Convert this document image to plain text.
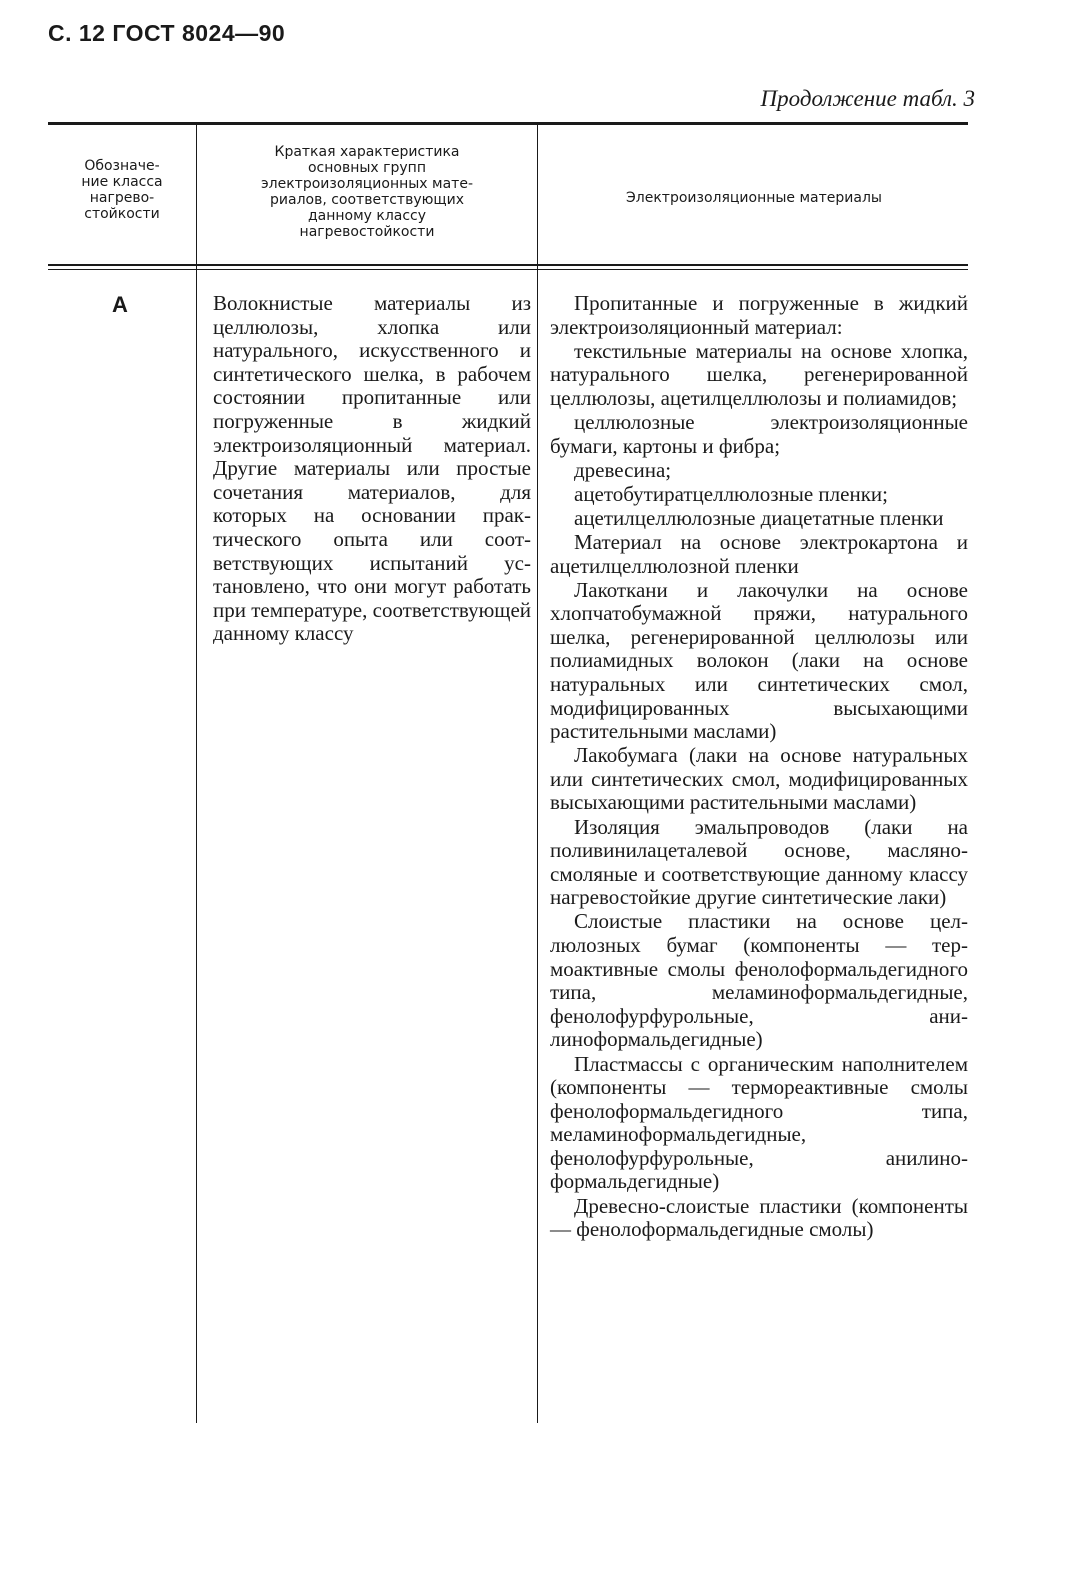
С. 12 ГОСТ 8024—90
Продолжение табл. 3
Обозначе-
ние класса
нагрево-
стойкости
Краткая характеристика
основных групп
электроизоляционных мате-
риалов, соответствующих
данному классу
нагревостойкости
Электроизоляционные материалы
А	Волокнистые материалы из целлюлозы, хлопка или натурального, искусственного и синтетического шелка, в рабочем состоянии пропитанные или погруженные в жидкий электроизоляционный материал. Другие материалы или простые сочетания материалов, для которых на основании практического опыта или соответствующих испытаний установлено, что они могут работать при температуре, соответствующей данному классу

Пропитанные и погруженные в жидкий электроизоляционный материал:

текстильные материалы на основе хлопка, натурального шелка, регенерированной целлюлозы, ацетилцеллюлозы и полиамидов;

целлюлозные электроизоляционные бумаги, картоны и фибра;

древесина;

ацетобутиратцеллюлозные пленки;

ацетилцеллюлозные диацетатные пленки

Материал на основе электрокартона и ацетилцеллюлозной пленки

Лакоткани и лакочулки на основе хлопчатобумажной пряжи, натурального шелка, регенерированной целлюлозы или полиамидных волокон (лаки на основе натуральных или синтетических смол, модифицированных высыхающими растительными маслами)

Лакобумага (лаки на основе натуральных или синтетических смол, модифицированных высыхающими растительными маслами)

Изоляция эмальпроводов (лаки на поливинилацеталевой основе, масляно-смоляные и соответствующие данному классу нагревостойкие другие синтетические лаки)

Слоистые пластики на основе целлюлозных бумаг (компоненты — термоактивные смолы фенолоформальдегидного типа, меламиноформальдегидные, фенолофурфурольные, анилиноформальдегидные)

Пластмассы с органическим наполнителем (компоненты — термореактивные смолы фенолоформальдегидного типа, меламиноформальдегидные, фенолофурфурольные, анилиноформальдегидные)

Древесно-слоистые пластики (компоненты — фенолоформальдегидные смолы)
